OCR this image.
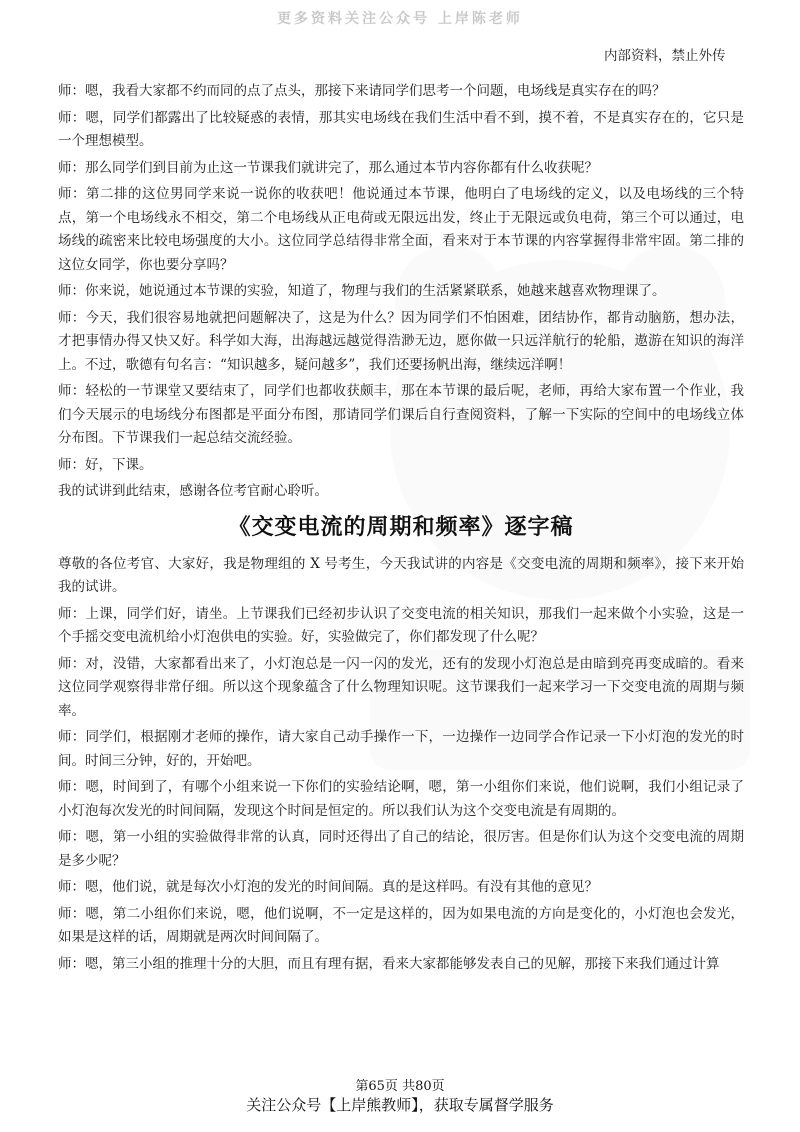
更多资料关注公众号 上岸陈老师
内部资料，禁止外传

师：嗯，我看大家都不约而同的点了点头，那接下来请同学们思考一个问题，电场线是真实存在的吗？

师：嗯，同学们都露出了比较疑惑的表情，那其实电场线在我们生活中看不到，摸不着，不是真实存在的，它只是一个理想模型。

师：那么同学们到目前为止这一节课我们就讲完了，那么通过本节内容你都有什么收获呢？

师：第二排的这位男同学来说一说你的收获吧！他说通过本节课，他明白了电场线的定义，以及电场线的三个特点，第一个电场线永不相交，第二个电场线从正电荷或无限远出发，终止于无限远或负电荷，第三个可以通过，电场线的疏密来比较电场强度的大小。这位同学总结得非常全面，看来对于本节课的内容掌握得非常牢固。第二排的这位女同学，你也要分享吗？

师：你来说，她说通过本节课的实验，知道了，物理与我们的生活紧紧联系，她越来越喜欢物理课了。

师：今天，我们很容易地就把问题解决了，这是为什么？因为同学们不怕困难，团结协作，都肯动脑筋，想办法，才把事情办得又快又好。科学如大海，出海越远越觉得浩渺无边，愿你做一只远洋航行的轮船，遨游在知识的海洋上。不过，歌德有句名言：“知识越多，疑问越多”，我们还要扬帆出海，继续远洋啊！

师：轻松的一节课堂又要结束了，同学们也都收获颇丰，那在本节课的最后呢，老师，再给大家布置一个作业，我们今天展示的电场线分布图都是平面分布图，那请同学们课后自行查阅资料，了解一下实际的空间中的电场线立体分布图。下节课我们一起总结交流经验。

师：好，下课。

我的试讲到此结束，感谢各位考官耐心聆听。

《交变电流的周期和频率》逐字稿

尊敬的各位考官、大家好，我是物理组的 X 号考生，今天我试讲的内容是《交变电流的周期和频率》，接下来开始我的试讲。

师：上课，同学们好，请坐。上节课我们已经初步认识了交变电流的相关知识，那我们一起来做个小实验，这是一个手摇交变电流机给小灯泡供电的实验。好，实验做完了，你们都发现了什么呢？

师：对，没错，大家都看出来了，小灯泡总是一闪一闪的发光，还有的发现小灯泡总是由暗到亮再变成暗的。看来这位同学观察得非常仔细。所以这个现象蕴含了什么物理知识呢。这节课我们一起来学习一下交变电流的周期与频率。

师：同学们，根据刚才老师的操作，请大家自己动手操作一下，一边操作一边同学合作记录一下小灯泡的发光的时间。时间三分钟，好的，开始吧。

师：嗯，时间到了，有哪个小组来说一下你们的实验结论啊，嗯，第一小组你们来说，他们说啊，我们小组记录了小灯泡每次发光的时间间隔，发现这个时间是恒定的。所以我们认为这个交变电流是有周期的。

师：嗯，第一小组的实验做得非常的认真，同时还得出了自己的结论，很厉害。但是你们认为这个交变电流的周期是多少呢？

师：嗯，他们说，就是每次小灯泡的发光的时间间隔。真的是这样吗。有没有其他的意见？

师：嗯，第二小组你们来说，嗯，他们说啊，不一定是这样的，因为如果电流的方向是变化的，小灯泡也会发光，如果是这样的话，周期就是两次时间间隔了。

师：嗯，第三小组的推理十分的大胆，而且有理有据，看来大家都能够发表自己的见解，那接下来我们通过计算

第65页 共80页
关注公众号【上岸熊教师】，获取专属督学服务
